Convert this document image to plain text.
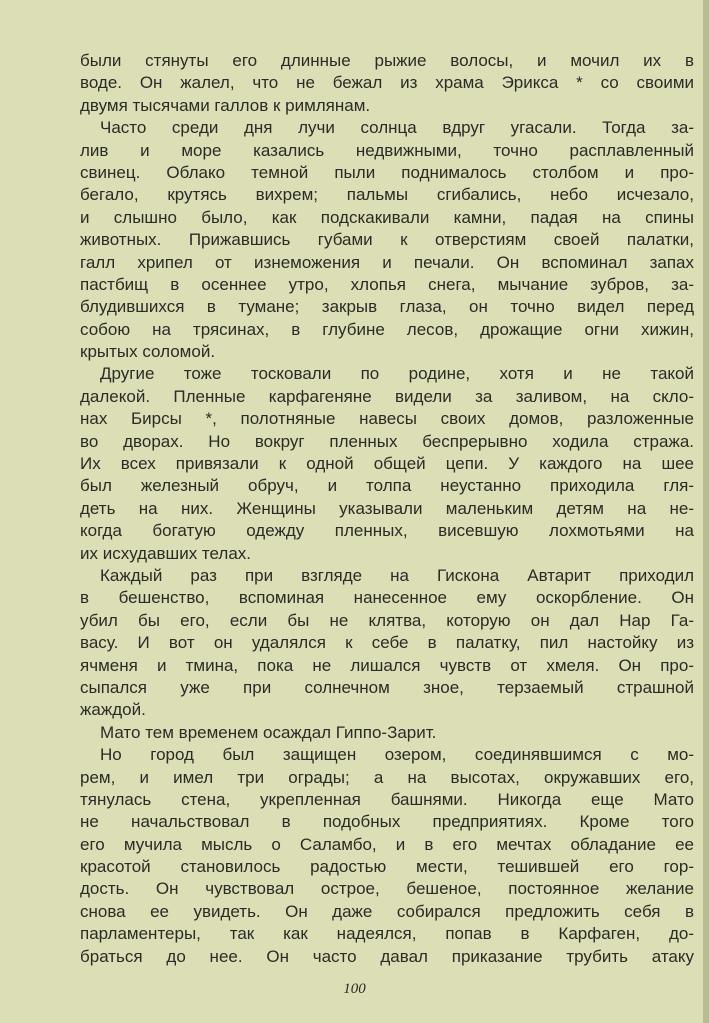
были стянуты его длинные рыжие волосы, и мочил их в
воде. Он жалел, что не бежал из храма Эрикса * со своими
двумя тысячами галлов к римлянам.
Часто среди дня лучи солнца вдруг угасали. Тогда за-
лив и море казались недвижными, точно расплавленный
свинец. Облако темной пыли поднималось столбом и про-
бегало, крутясь вихрем; пальмы сгибались, небо исчезало,
и слышно было, как подскакивали камни, падая на спины
животных. Прижавшись губами к отверстиям своей палатки,
галл хрипел от изнеможения и печали. Он вспоминал запах
пастбищ в осеннее утро, хлопья снега, мычание зубров, за-
блудившихся в тумане; закрыв глаза, он точно видел перед
собою на трясинах, в глубине лесов, дрожащие огни хижин,
крытых соломой.
Другие тоже тосковали по родине, хотя и не такой
далекой. Пленные карфагеняне видели за заливом, на скло-
нах Бирсы *, полотняные навесы своих домов, разложенные
во дворах. Но вокруг пленных беспрерывно ходила стража.
Их всех привязали к одной общей цепи. У каждого на шее
был железный обруч, и толпа неустанно приходила гля-
деть на них. Женщины указывали маленьким детям на не-
когда богатую одежду пленных, висевшую лохмотьями на
их исхудавших телах.
Каждый раз при взгляде на Гискона Автарит приходил
в бешенство, вспоминая нанесенное ему оскорбление. Он
убил бы его, если бы не клятва, которую он дал Нар Га-
васу. И вот он удалялся к себе в палатку, пил настойку из
ячменя и тмина, пока не лишался чувств от хмеля. Он про-
сыпался уже при солнечном зное, терзаемый страшной
жаждой.
Мато тем временем осаждал Гиппо-Зарит.
Но город был защищен озером, соединявшимся с мо-
рем, и имел три ограды; а на высотах, окружавших его,
тянулась стена, укрепленная башнями. Никогда еще Мато
не начальствовал в подобных предприятиях. Кроме того
его мучила мысль о Саламбо, и в его мечтах обладание ее
красотой становилось радостью мести, тешившей его гор-
дость. Он чувствовал острое, бешеное, постоянное желание
снова ее увидеть. Он даже собирался предложить себя в
парламентеры, так как надеялся, попав в Карфаген, до-
браться до нее. Он часто давал приказание трубить атаку
100
